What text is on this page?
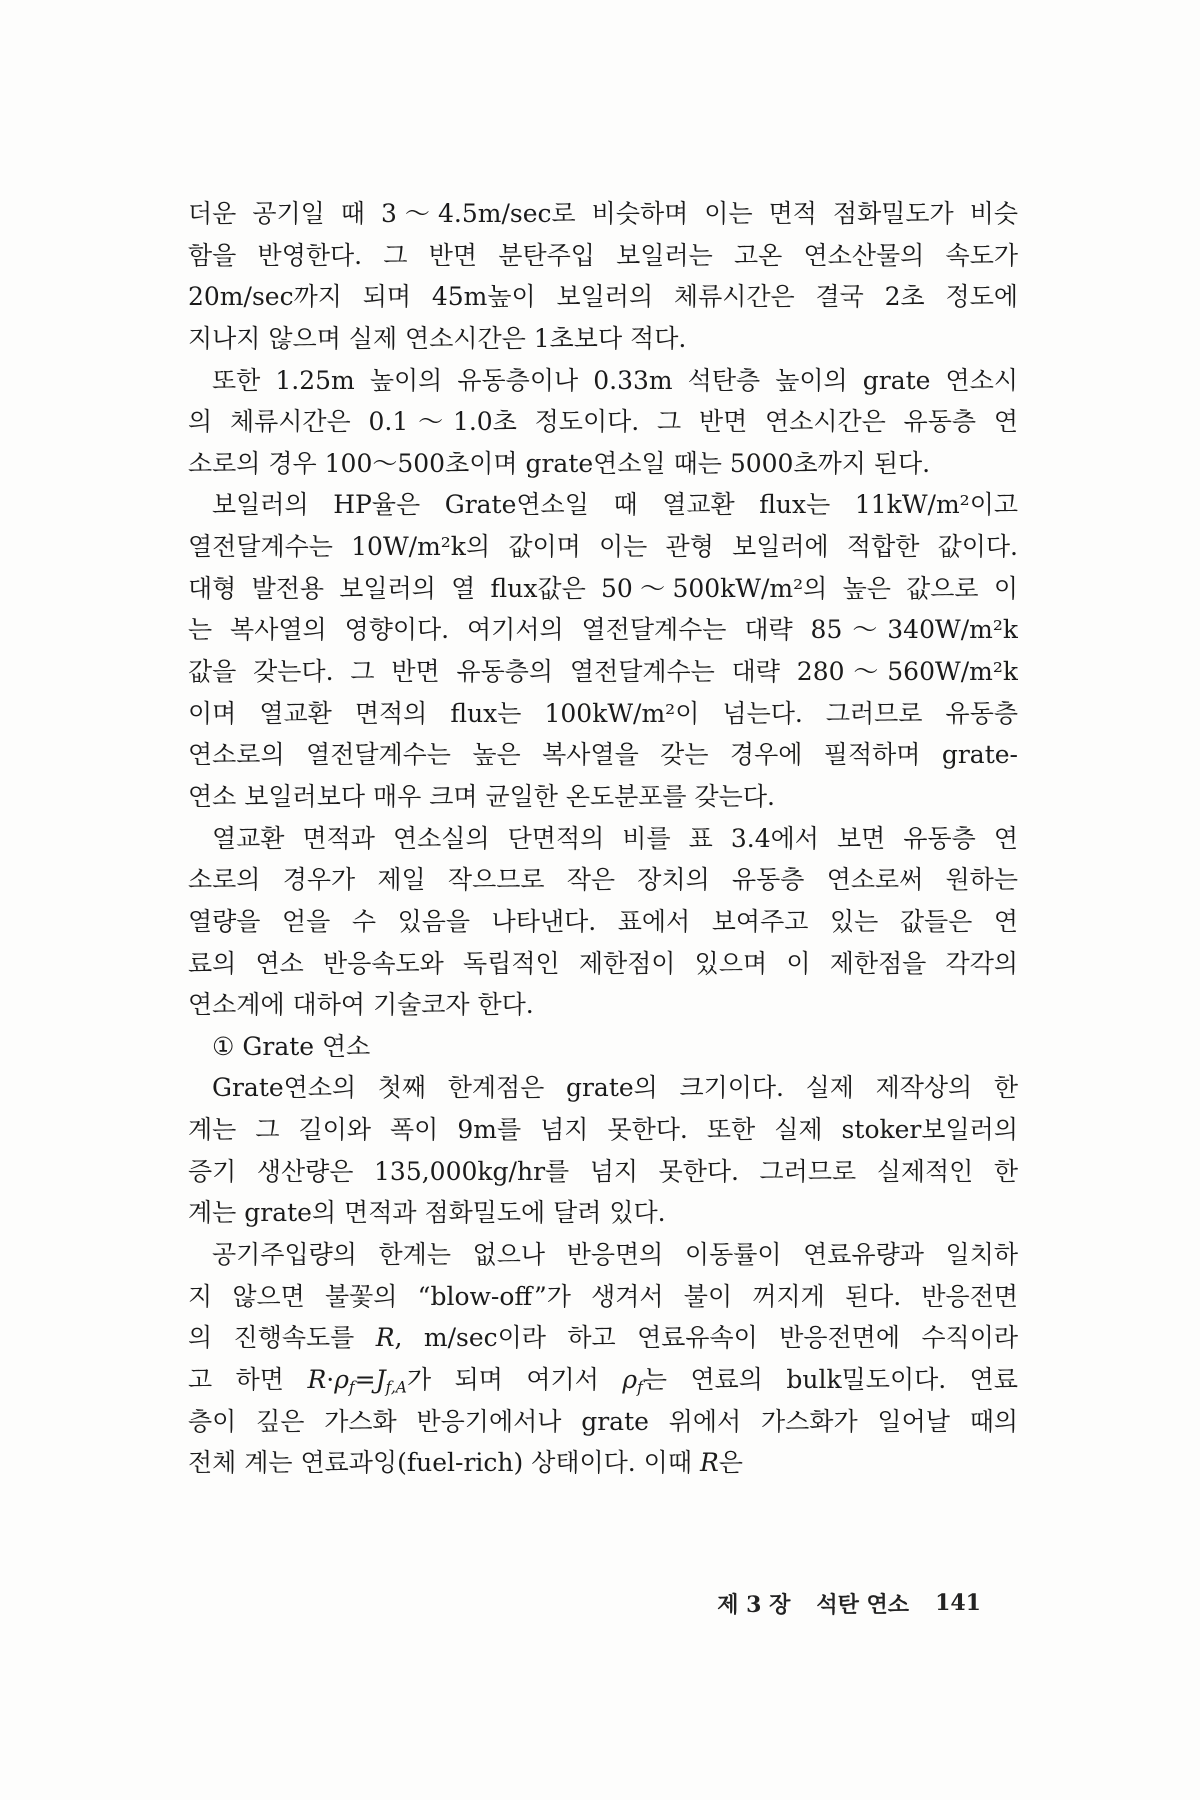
더운 공기일 때 3～4.5m/sec로 비슷하며 이는 면적 점화밀도가 비슷
함을 반영한다. 그 반면 분탄주입 보일러는 고온 연소산물의 속도가
20m/sec까지 되며 45m높이 보일러의 체류시간은 결국 2초 정도에
지나지 않으며 실제 연소시간은 1초보다 적다.
또한 1.25m 높이의 유동층이나 0.33m 석탄층 높이의 grate 연소시
의 체류시간은 0.1～1.0초 정도이다. 그 반면 연소시간은 유동층 연
소로의 경우 100～500초이며 grate연소일 때는 5000초까지 된다.
보일러의 HP율은 Grate연소일 때 열교환 flux는 11kW/m²이고
열전달계수는 10W/m²k의 값이며 이는 관형 보일러에 적합한 값이다.
대형 발전용 보일러의 열 flux값은 50～500kW/m²의 높은 값으로 이
는 복사열의 영향이다. 여기서의 열전달계수는 대략 85～340W/m²k
값을 갖는다. 그 반면 유동층의 열전달계수는 대략 280～560W/m²k
이며 열교환 면적의 flux는 100kW/m²이 넘는다. 그러므로 유동층
연소로의 열전달계수는 높은 복사열을 갖는 경우에 필적하며 grate-
연소 보일러보다 매우 크며 균일한 온도분포를 갖는다.
열교환 면적과 연소실의 단면적의 비를 표 3.4에서 보면 유동층 연
소로의 경우가 제일 작으므로 작은 장치의 유동층 연소로써 원하는
열량을 얻을 수 있음을 나타낸다. 표에서 보여주고 있는 값들은 연
료의 연소 반응속도와 독립적인 제한점이 있으며 이 제한점을 각각의
연소계에 대하여 기술코자 한다.
① Grate 연소
Grate연소의 첫째 한계점은 grate의 크기이다. 실제 제작상의 한
계는 그 길이와 폭이 9m를 넘지 못한다. 또한 실제 stoker보일러의
증기 생산량은 135,000kg/hr를 넘지 못한다. 그러므로 실제적인 한
계는 grate의 면적과 점화밀도에 달려 있다.
공기주입량의 한계는 없으나 반응면의 이동률이 연료유량과 일치하
지 않으면 불꽃의 “blow-off”가 생겨서 불이 꺼지게 된다. 반응전면
의 진행속도를 R, m/sec이라 하고 연료유속이 반응전면에 수직이라
고 하면 $R\cdot\rho_f=J_{f,A}$가 되며 여기서 $\rho_f$는 연료의 bulk밀도이다. 연료
층이 깊은 가스화 반응기에서나 grate 위에서 가스화가 일어날 때의
전체 계는 연료과잉(fuel-rich) 상태이다. 이때 R은
제 3 장 석탄 연소 141
